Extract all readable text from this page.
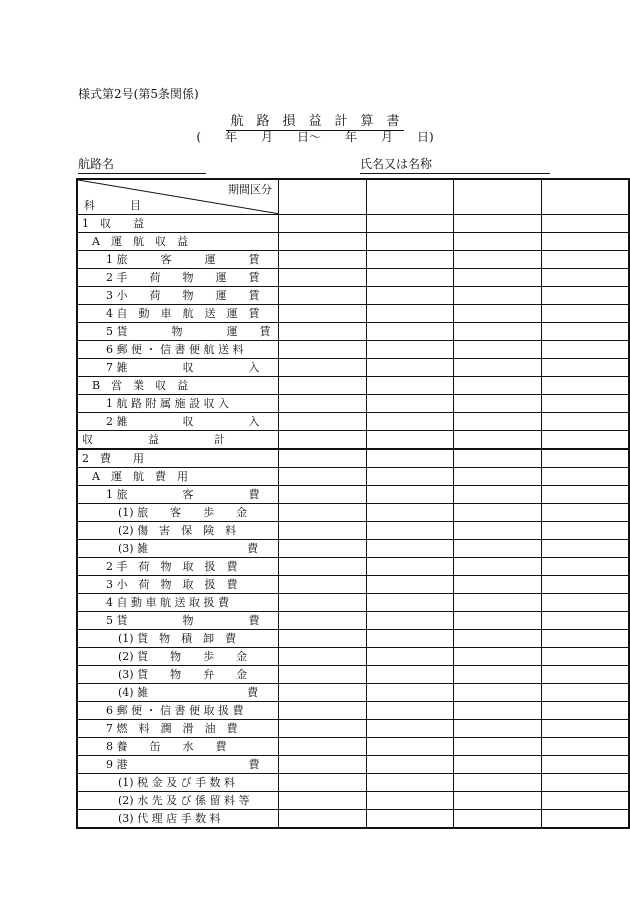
様式第2号(第5条関係)
航　路　損　益　計　算　書
(　　年　　月　　日〜　　年　　月　　日)
航路名	氏名又は名称
期間区分
科　目				

1　収　　益				

A　運　航　収　益				

1 旅　　　客　　　運　　　賃				

2 手　　荷　　物　　運　　賃				

3 小　　荷　　物　　運　　賃				

4 自　動　車　航　送　運　賃				

5 貨　　　　物　　　　運　　賃				

6 郵 便 ・ 信 書 便 航 送 料				

7 雑　　　　　収　　　　　入				

B　営　業　収　益				

1 航 路 附 属 施 設 収 入				

2 雑　　　　　収　　　　　入				

収　　　　　益　　　　　計				

2　費　　用				

A　運　航　費　用				

1 旅　　　　　客　　　　　費				

(1) 旅　　客　　歩　　金				

(2) 傷　害　保　険　料				

(3) 雑　　　　　　　　　費				

2 手　荷　物　取　扱　費				

3 小　荷　物　取　扱　費				

4 自 動 車 航 送 取 扱 費				

5 貨　　　　　物　　　　　費				

(1) 貨　物　積　卸　費				

(2) 貨　　物　　歩　　金				

(3) 貨　　物　　弁　　金				

(4) 雑　　　　　　　　　費				

6 郵 便 ・ 信 書 便 取 扱 費				

7 燃　料　潤　滑　油　費				

8 養　　缶　　水　　費				

9 港　　　　　　　　　　　費				

(1) 税 金 及 び 手 数 料				

(2) 水 先 及 び 係 留 料 等				

(3) 代 理 店 手 数 料				
